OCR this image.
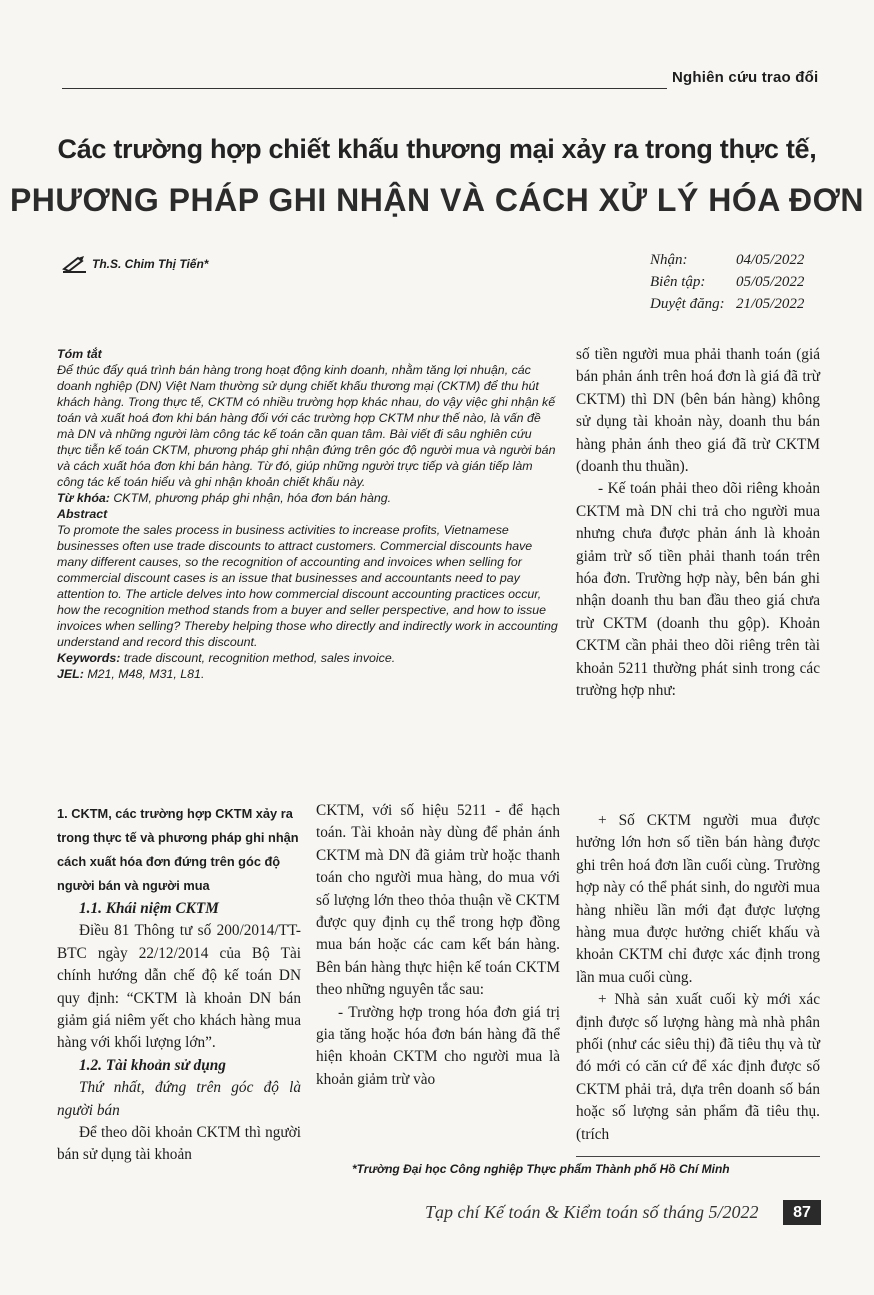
Nghiên cứu trao đổi
Các trường hợp chiết khấu thương mại xảy ra trong thực tế,
PHƯƠNG PHÁP GHI NHẬN VÀ CÁCH XỬ LÝ HÓA ĐƠN
Th.S. Chim Thị Tiến*	Nhận:	04/05/2022
Biên tập:	05/05/2022
Duyệt đăng: 21/05/2022

Tóm tắt

Để thúc đẩy quá trình bán hàng trong hoạt động kinh doanh, nhằm tăng lợi nhuận, các doanh nghiệp (DN) Việt Nam thường sử dụng chiết khấu thương mại (CKTM) để thu hút khách hàng. Trong thực tế, CKTM có nhiều trường hợp khác nhau, do vậy việc ghi nhận kế toán và xuất hoá đơn khi bán hàng đối với các trường hợp CKTM như thế nào, là vấn đề mà DN và những người làm công tác kế toán cần quan tâm. Bài viết đi sâu nghiên cứu thực tiễn kế toán CKTM, phương pháp ghi nhận đứng trên góc độ người mua và người bán và cách xuất hóa đơn khi bán hàng. Từ đó, giúp những người trực tiếp và gián tiếp làm công tác kế toán hiểu và ghi nhận khoản chiết khấu này.

Từ khóa: CKTM, phương pháp ghi nhận, hóa đơn bán hàng.

Abstract

To promote the sales process in business activities to increase profits, Vietnamese businesses often use trade discounts to attract customers. Commercial discounts have many different causes, so the recognition of accounting and invoices when selling for commercial discount cases is an issue that businesses and accountants need to pay attention to. The article delves into how commercial discount accounting practices occur, how the recognition method stands from a buyer and seller perspective, and how to issue invoices when selling? Thereby helping those who directly and indirectly work in accounting understand and record this discount.

Keywords: trade discount, recognition method, sales invoice.

JEL: M21, M48, M31, L81.

số tiền người mua phải thanh toán (giá bán phản ánh trên hoá đơn là giá đã trừ CKTM) thì DN (bên bán hàng) không sử dụng tài khoản này, doanh thu bán hàng phản ánh theo giá đã trừ CKTM (doanh thu thuần).

- Kế toán phải theo dõi riêng khoản CKTM mà DN chi trả cho người mua nhưng chưa được phản ánh là khoản giảm trừ số tiền phải thanh toán trên hóa đơn. Trường hợp này, bên bán ghi nhận doanh thu ban đầu theo giá chưa trừ CKTM (doanh thu gộp). Khoản CKTM cần phải theo dõi riêng trên tài khoản 5211 thường phát sinh trong các trường hợp như:

1. CKTM, các trường hợp CKTM xảy ra trong thực tế và phương pháp ghi nhận cách xuất hóa đơn đứng trên góc độ người bán và người mua

1.1. Khái niệm CKTM

Điều 81 Thông tư số 200/2014/TT-BTC ngày 22/12/2014 của Bộ Tài chính hướng dẫn chế độ kế toán DN quy định: “CKTM là khoản DN bán giảm giá niêm yết cho khách hàng mua hàng với khối lượng lớn”.

1.2. Tài khoản sử dụng

Thứ nhất, đứng trên góc độ là người bán

Để theo dõi khoản CKTM thì người bán sử dụng tài khoản

CKTM, với số hiệu 5211 - để hạch toán. Tài khoản này dùng để phản ánh CKTM mà DN đã giảm trừ hoặc thanh toán cho người mua hàng, do mua với số lượng lớn theo thỏa thuận về CKTM được quy định cụ thể trong hợp đồng mua bán hoặc các cam kết bán hàng. Bên bán hàng thực hiện kế toán CKTM theo những nguyên tắc sau:

- Trường hợp trong hóa đơn giá trị gia tăng hoặc hóa đơn bán hàng đã thể hiện khoản CKTM cho người mua là khoản giảm trừ vào

+ Số CKTM người mua được hưởng lớn hơn số tiền bán hàng được ghi trên hoá đơn lần cuối cùng. Trường hợp này có thể phát sinh, do người mua hàng nhiều lần mới đạt được lượng hàng mua được hưởng chiết khấu và khoản CKTM chỉ được xác định trong lần mua cuối cùng.

+ Nhà sản xuất cuối kỳ mới xác định được số lượng hàng mà nhà phân phối (như các siêu thị) đã tiêu thụ và từ đó mới có căn cứ để xác định được số CKTM phải trả, dựa trên doanh số bán hoặc số lượng sản phẩm đã tiêu thụ. (trích

*Trường Đại học Công nghiệp Thực phẩm Thành phố Hồ Chí Minh
Tạp chí Kế toán & Kiểm toán số tháng 5/2022	87
